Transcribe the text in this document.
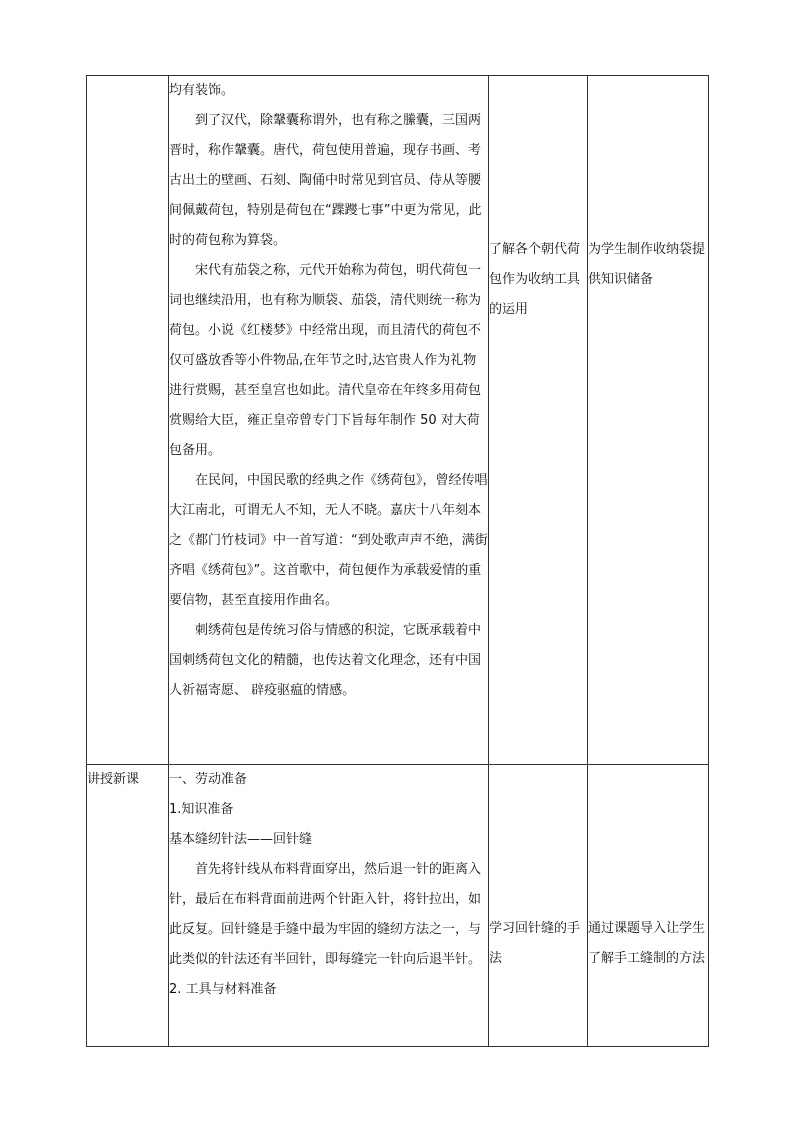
	均有装饰。

到了汉代，除鞶囊称谓外，也有称之縢囊，三国两晋时，称作鞶囊。唐代，荷包使用普遍，现存书画、考古出土的壁画、石刻、陶俑中时常见到官员、侍从等腰间佩戴荷包，特别是荷包在“蹀躞七事”中更为常见，此时的荷包称为算袋。

宋代有茄袋之称，元代开始称为荷包，明代荷包一词也继续沿用，也有称为顺袋、茄袋，清代则统一称为荷包。小说《红楼梦》中经常出现，而且清代的荷包不仅可盛放香等小件物品,在年节之时,达官贵人作为礼物进行赏赐，甚至皇宫也如此。清代皇帝在年终多用荷包赏赐给大臣，雍正皇帝曾专门下旨每年制作 50 对大荷包备用。

在民间，中国民歌的经典之作《绣荷包》，曾经传唱大江南北，可谓无人不知，无人不晓。嘉庆十八年刻本之《都门竹枝词》中一首写道：“到处歌声声不绝，满街齐唱《绣荷包》”。这首歌中，荷包便作为承载爱情的重要信物，甚至直接用作曲名。

刺绣荷包是传统习俗与情感的积淀，它既承载着中国刺绣荷包文化的精髓，也传达着文化理念，还有中国人祈福寄愿、 辟疫驱瘟的情感。	了解各个朝代荷包作为收纳工具的运用	为学生制作收纳袋提供知识储备

讲授新课	一、劳动准备

1.知识准备

基本缝纫针法——回针缝

首先将针线从布料背面穿出，然后退一针的距离入针，最后在布料背面前进两个针距入针，将针拉出，如此反复。回针缝是手缝中最为牢固的缝纫方法之一，与此类似的针法还有半回针，即每缝完一针向后退半针。

2. 工具与材料准备	学习回针缝的手法	通过课题导入让学生了解手工缝制的方法
